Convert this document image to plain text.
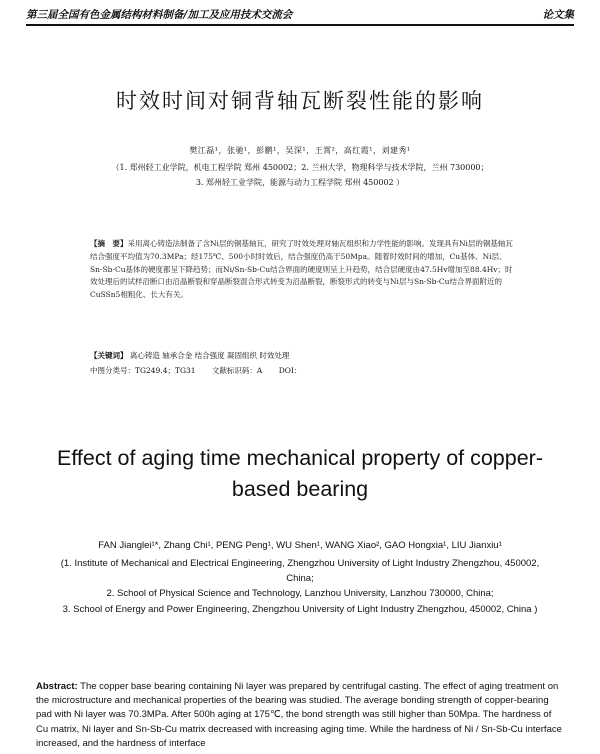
第三届全国有色金属结构材料制备/加工及应用技术交流会	论文集
时效时间对铜背轴瓦断裂性能的影响
樊江磊¹，张驰¹，彭鹏¹，吴深¹，王霄²，高红霞¹，刘建秀¹
（1. 郑州轻工业学院，机电工程学院 郑州 450002；2. 兰州大学，物理科学与技术学院，兰州 730000；
3. 郑州轻工业学院，能源与动力工程学院 郑州 450002 ）
【摘　要】采用离心铸造法制备了含Ni层的铜基轴瓦，研究了时效处理对轴瓦组织和力学性能的影响。发现具有Ni层的铜基轴瓦结合强度平均值为70.3MPa；经175℃、500小时时效后，结合强度仍高于50Mpa。随着时效时间的增加，Cu基体、Ni层、Sn-Sb-Cu基体的硬度都呈下降趋势；而Ni/Sn-Sb-Cu结合界面的硬度则呈上升趋势，结合层硬度由47.5Hv增加至88.4Hv；时效处理后的试样沿断口由沿晶断裂和穿晶断裂混合形式转变为沿晶断裂，断裂形式的转变与Ni层与Sn-Sb-Cu结合界面附近的CuSSn5相粗化、长大有关。
【关键词】 离心铸造 轴承合金 结合强度 凝固组织 时效处理
中图分类号：TG249.4；TG31 文献标识码：A DOI：
Effect of aging time mechanical property of copper-based bearing
FAN Jianglei¹*, Zhang Chi¹, PENG Peng¹, WU Shen¹, WANG Xiao², GAO Hongxia¹, LIU Jianxiu¹
(1. Institute of Mechanical and Electrical Engineering, Zhengzhou University of Light Industry Zhengzhou, 450002, China;
2. School of Physical Science and Technology, Lanzhou University, Lanzhou 730000, China;
3. School of Energy and Power Engineering, Zhengzhou University of Light Industry Zhengzhou, 450002, China )
Abstract: The copper base bearing containing Ni layer was prepared by centrifugal casting. The effect of aging treatment on the microstructure and mechanical properties of the bearing was studied. The average bonding strength of copper-bearing pad with Ni layer was 70.3MPa. After 500h aging at 175℃, the bond strength was still higher than 50Mpa. The hardness of Cu matrix, Ni layer and Sn-Sb-Cu matrix decreased with increasing aging time. While the hardness of Ni / Sn-Sb-Cu interface increased, and the hardness of interface
